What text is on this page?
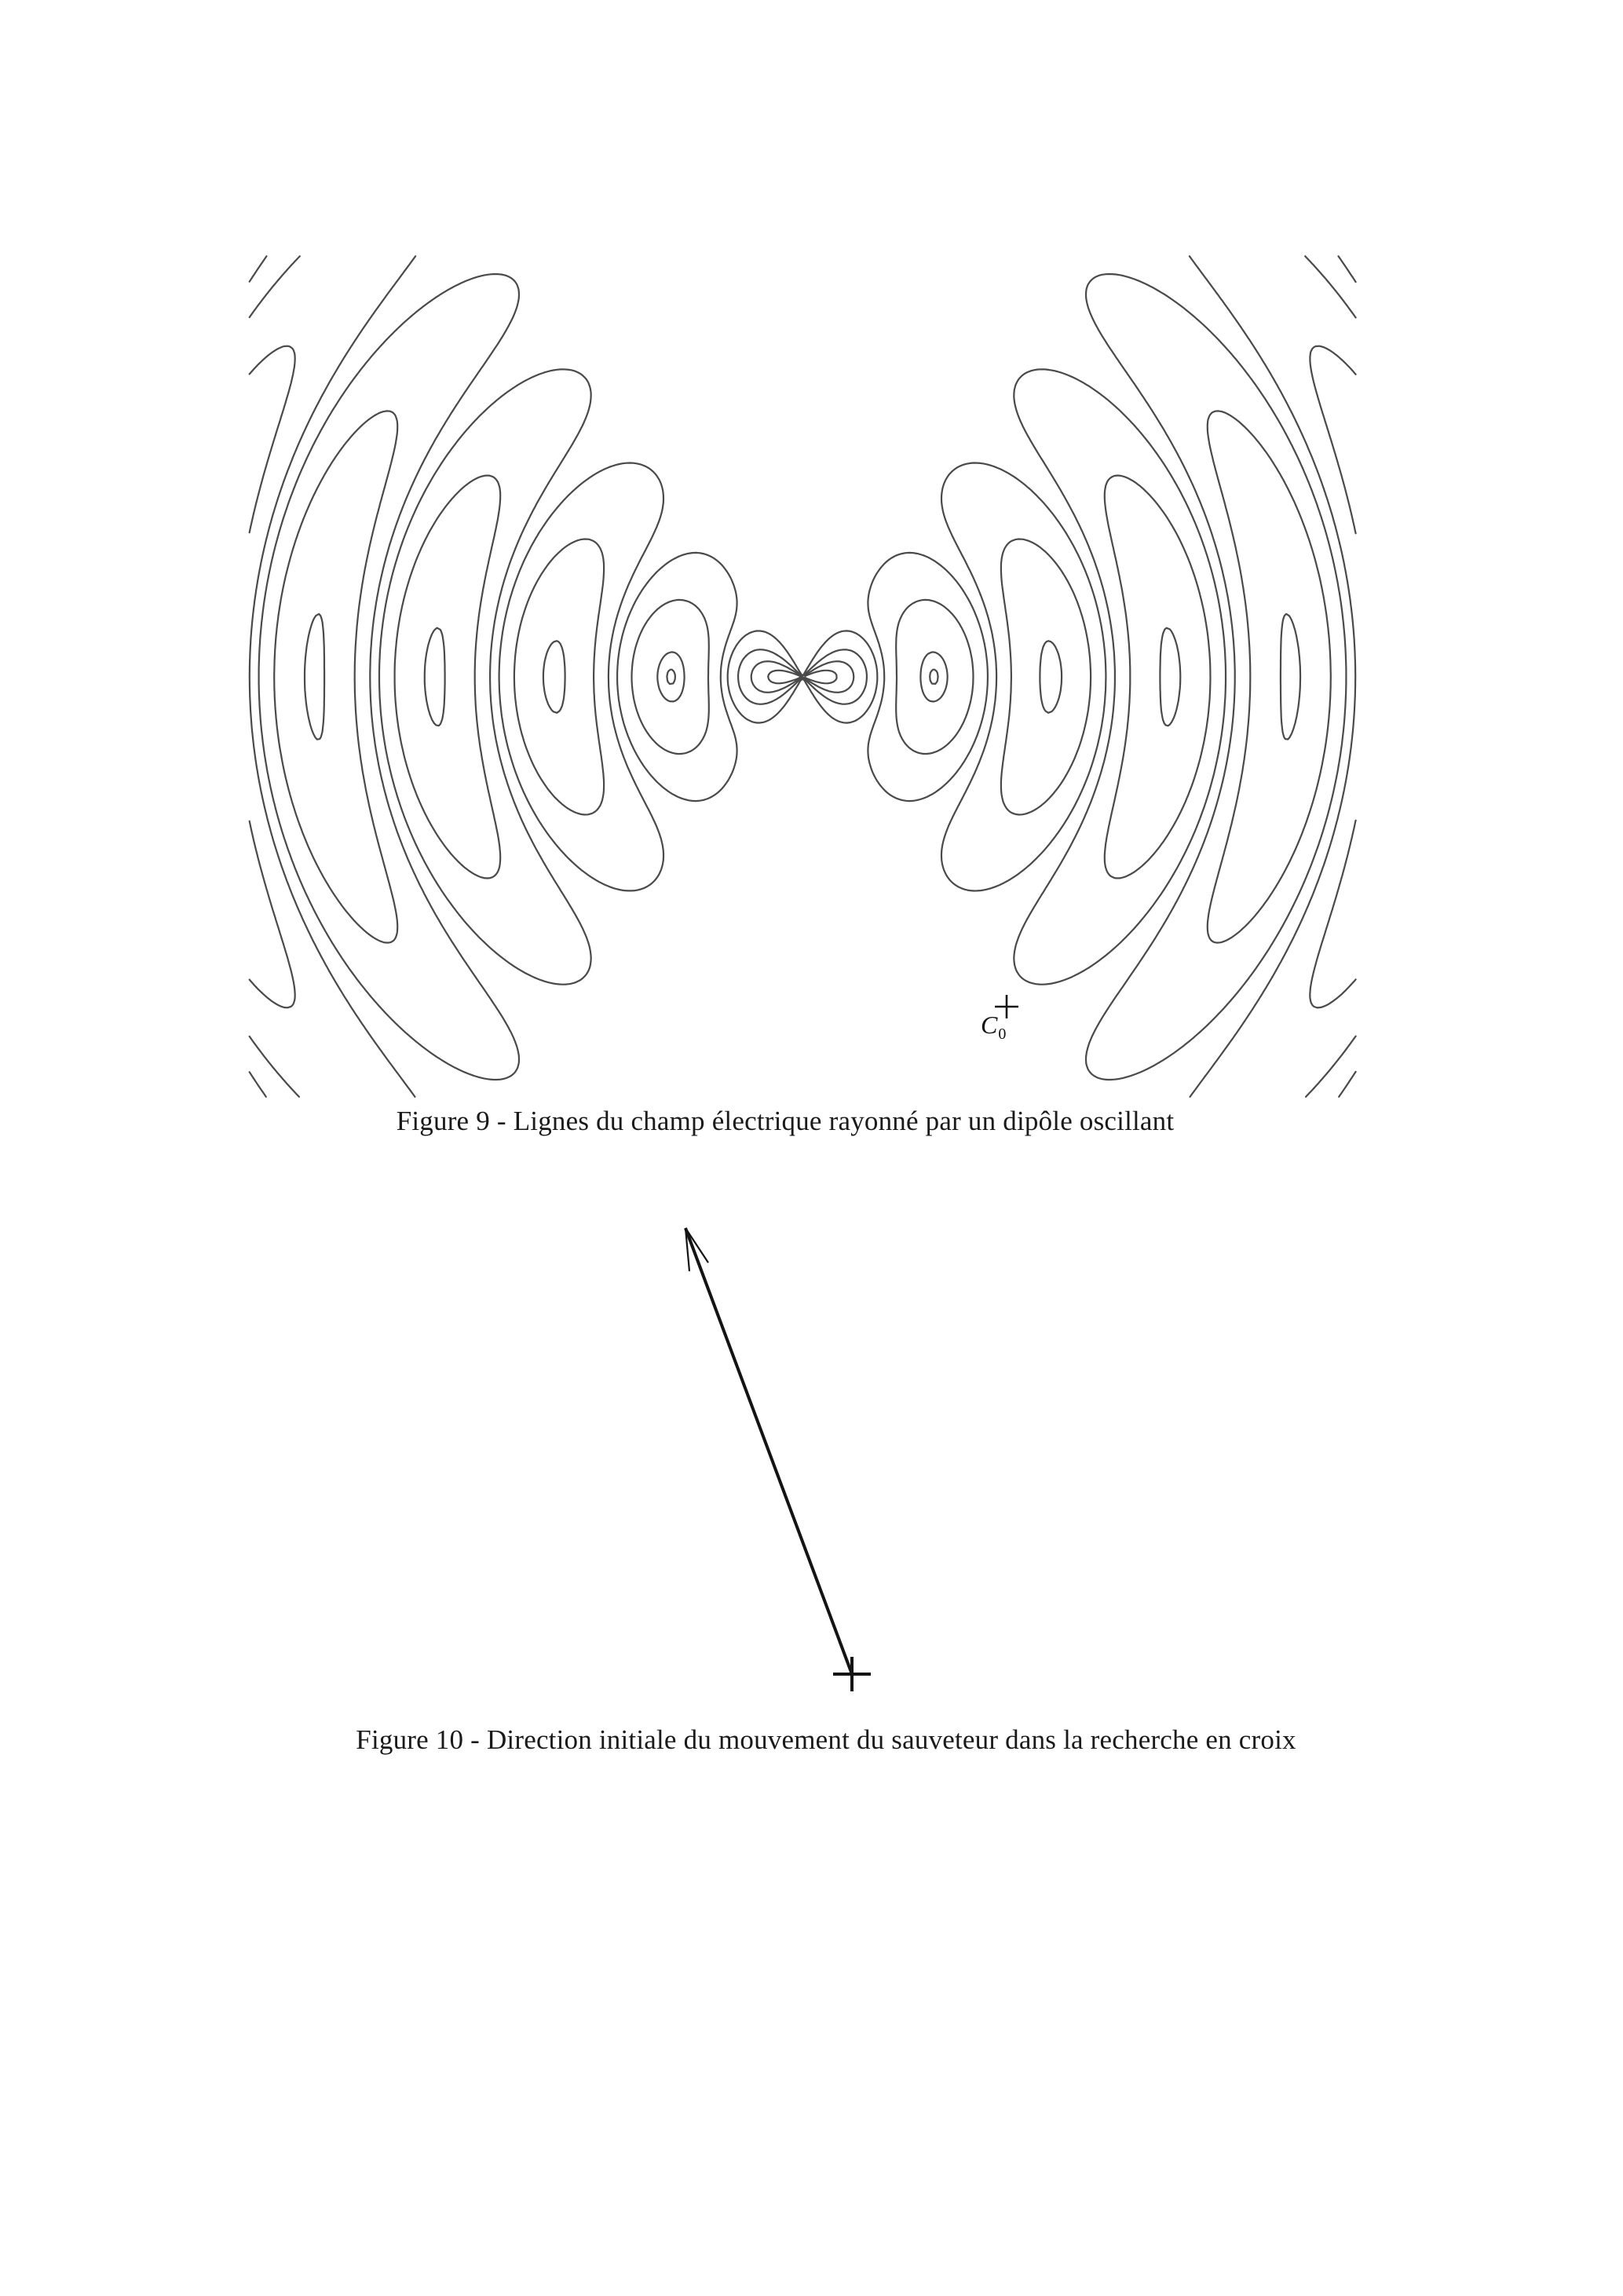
Figure 9 - Lignes du champ électrique rayonné par un dipôle oscillant
$C_0$
Figure 10 - Direction initiale du mouvement du sauveteur dans la recherche en croix
